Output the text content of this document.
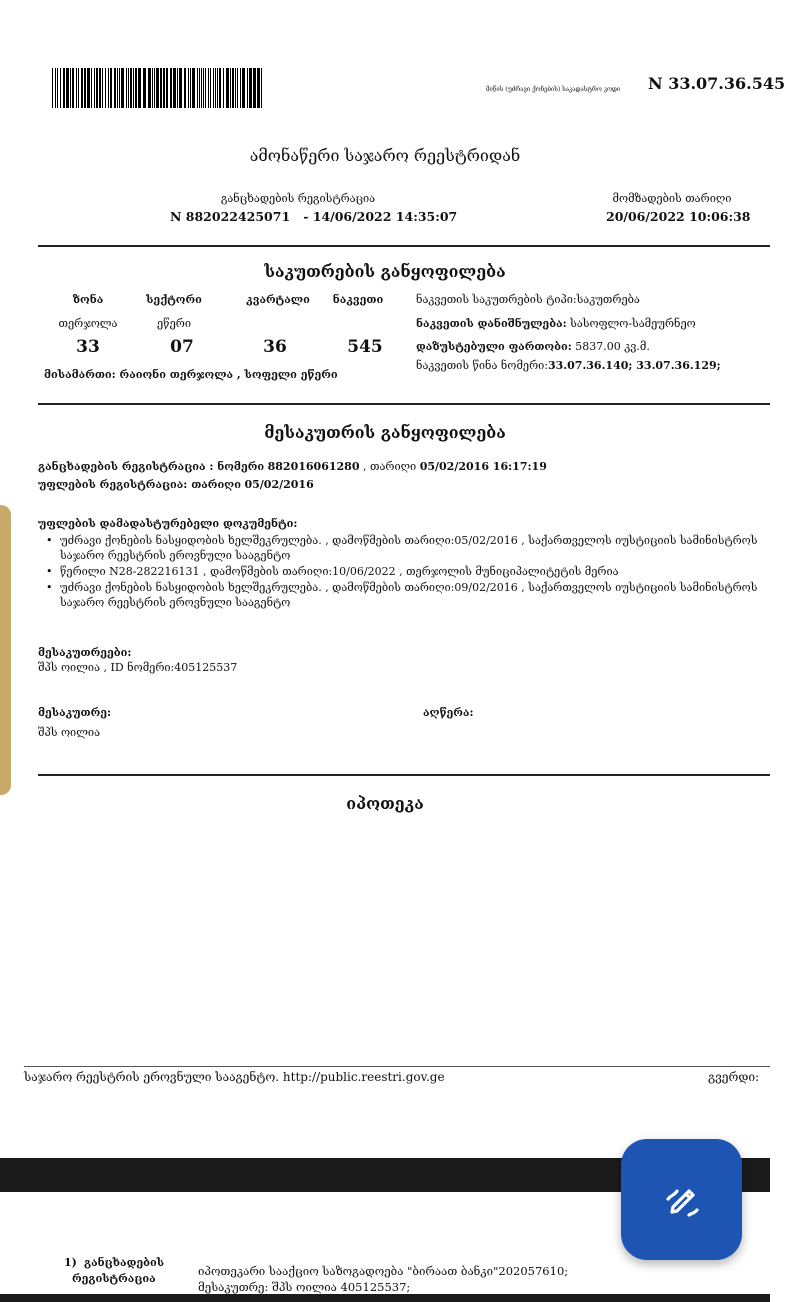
მიწის (უძრავი ქონების) საკადასტრო კოდი N 33.07.36.545
ამონაწერი საჯარო რეესტრიდან
განცხადების რეგისტრაცია
N 882022425071   - 14/06/2022 14:35:07
მომზადების თარიღი
20/06/2022 10:06:38
საკუთრების განყოფილება
ზონა	სექტორი	კვარტალი	ნაკვეთი
თერჯოლა	ეწერი
33	07	36	545
მისამართი: რაიონი თერჯოლა , სოფელი ეწერი
ნაკვეთის საკუთრების ტიპი:საკუთრება
ნაკვეთის დანიშნულება: სასოფლო-სამეურნეო
დაზუსტებული ფართობი: 5837.00 კვ.მ.
ნაკვეთის წინა ნომერი:33.07.36.140; 33.07.36.129;
მესაკუთრის განყოფილება
განცხადების რეგისტრაცია : ნომერი 882016061280 , თარიღი 05/02/2016 16:17:19
უფლების რეგისტრაცია: თარიღი 05/02/2016
უფლების დამადასტურებელი დოკუმენტი:
• უძრავი ქონების ნასყიდობის ხელშეკრულება. , დამოწმების თარიღი:05/02/2016 , საქართველოს იუსტიციის სამინისტროს საჯარო რეესტრის ეროვნული სააგენტო
• წერილი N28-282216131 , დამოწმების თარიღი:10/06/2022 , თერჯოლის მუნიციპალიტეტის მერია
• უძრავი ქონების ნასყიდობის ხელშეკრულება. , დამოწმების თარიღი:09/02/2016 , საქართველოს იუსტიციის სამინისტროს საჯარო რეესტრის ეროვნული სააგენტო
მესაკუთრეები:
შპს ოილია , ID ნომერი:405125537
მესაკუთრე:
შპს ოილია
აღწერა:
იპოთეკა
საჯარო რეესტრის ეროვნული სააგენტო. http://public.reestri.gov.ge	გვერდი:
1) განცხადების
რეგისტრაცია
იპოთეკარი სააქციო საზოგადოება "ბირაათ ბანკი"202057610;
მესაკუთრე: შპს ოილია 405125537;
